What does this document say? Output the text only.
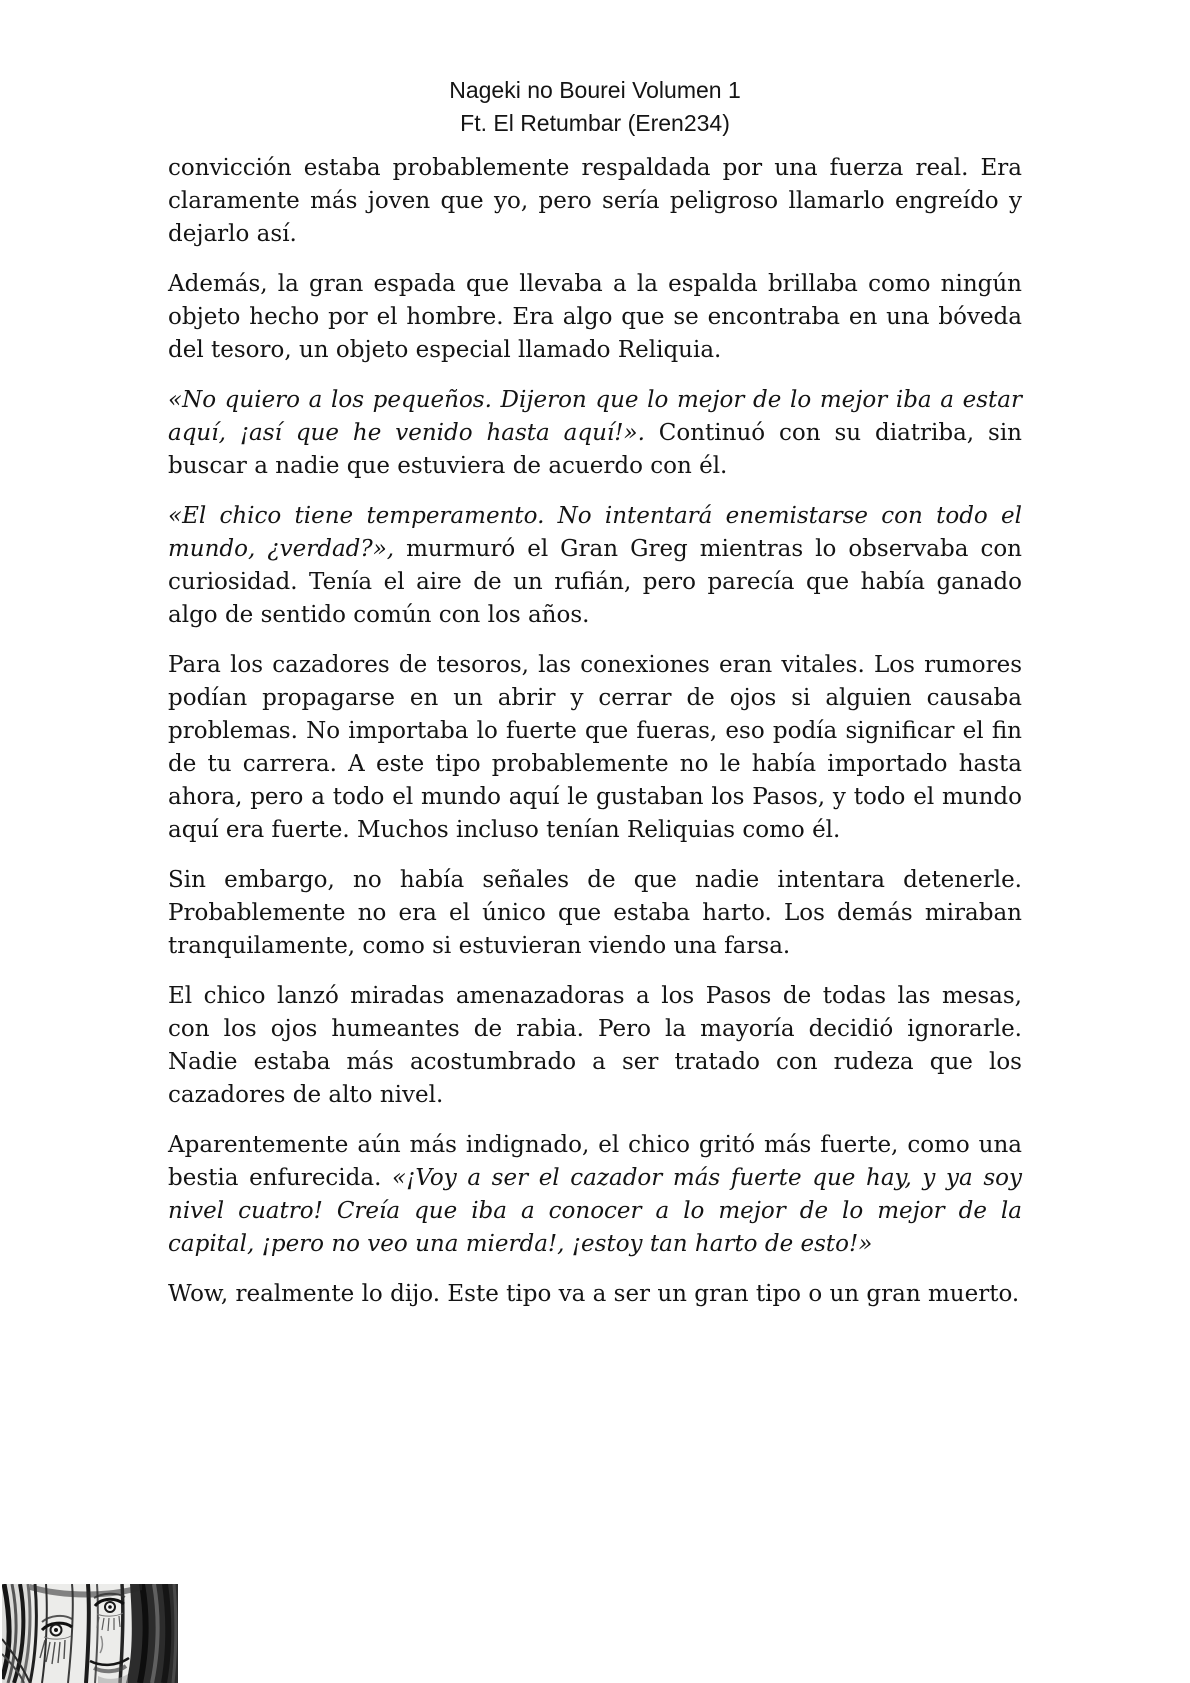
Nageki no Bourei Volumen 1
Ft. El Retumbar (Eren234)

convicción estaba probablemente respaldada por una fuerza real. Era claramente más joven que yo, pero sería peligroso llamarlo engreído y dejarlo así.

Además, la gran espada que llevaba a la espalda brillaba como ningún objeto hecho por el hombre. Era algo que se encontraba en una bóveda del tesoro, un objeto especial llamado Reliquia.

«No quiero a los pequeños. Dijeron que lo mejor de lo mejor iba a estar aquí, ¡así que he venido hasta aquí!». Continuó con su diatriba, sin buscar a nadie que estuviera de acuerdo con él.

«El chico tiene temperamento. No intentará enemistarse con todo el mundo, ¿verdad?», murmuró el Gran Greg mientras lo observaba con curiosidad. Tenía el aire de un rufián, pero parecía que había ganado algo de sentido común con los años.

Para los cazadores de tesoros, las conexiones eran vitales. Los rumores podían propagarse en un abrir y cerrar de ojos si alguien causaba problemas. No importaba lo fuerte que fueras, eso podía significar el fin de tu carrera. A este tipo probablemente no le había importado hasta ahora, pero a todo el mundo aquí le gustaban los Pasos, y todo el mundo aquí era fuerte. Muchos incluso tenían Reliquias como él.

Sin embargo, no había señales de que nadie intentara detenerle. Probablemente no era el único que estaba harto. Los demás miraban tranquilamente, como si estuvieran viendo una farsa.

El chico lanzó miradas amenazadoras a los Pasos de todas las mesas, con los ojos humeantes de rabia. Pero la mayoría decidió ignorarle. Nadie estaba más acostumbrado a ser tratado con rudeza que los cazadores de alto nivel.

Aparentemente aún más indignado, el chico gritó más fuerte, como una bestia enfurecida. «¡Voy a ser el cazador más fuerte que hay, y ya soy nivel cuatro! Creía que iba a conocer a lo mejor de lo mejor de la capital, ¡pero no veo una mierda!, ¡estoy tan harto de esto!»

Wow, realmente lo dijo. Este tipo va a ser un gran tipo o un gran muerto.
